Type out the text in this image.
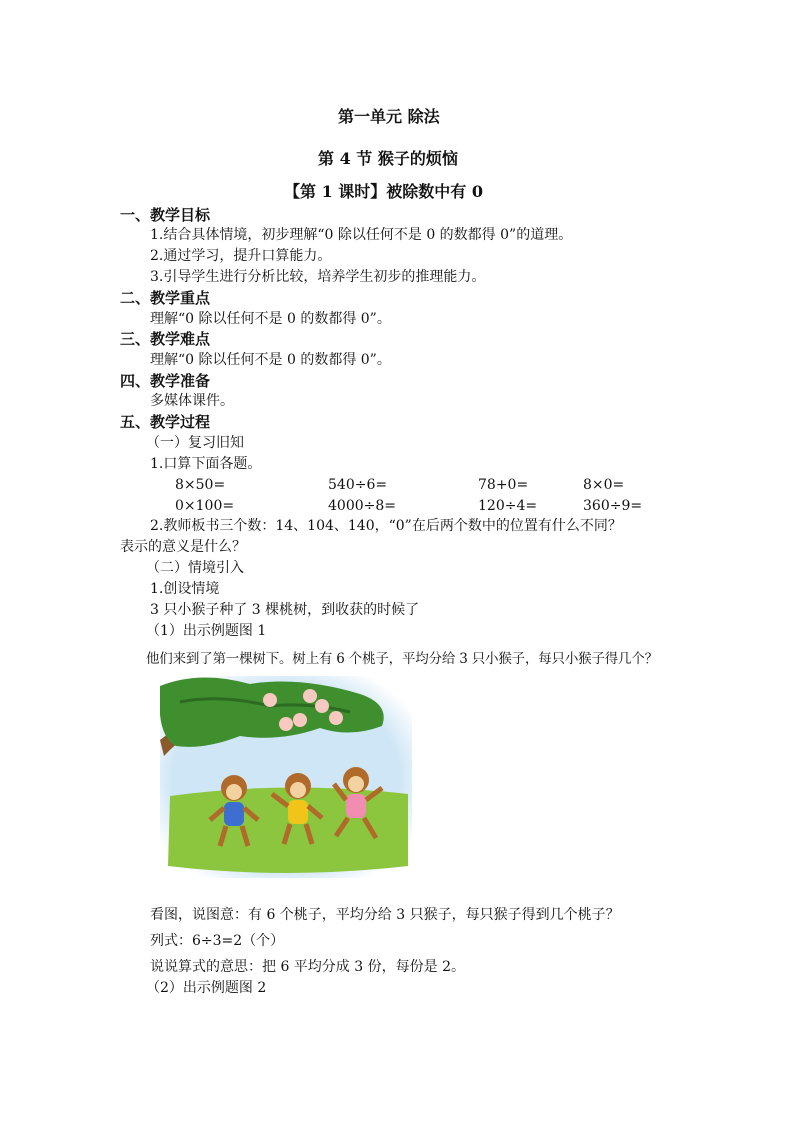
第一单元 除法
第 4 节 猴子的烦恼
【第 1 课时】被除数中有 0
一、教学目标
1.结合具体情境，初步理解“0 除以任何不是 0 的数都得 0”的道理。
2.通过学习，提升口算能力。
3.引导学生进行分析比较，培养学生初步的推理能力。
二、教学重点
理解“0 除以任何不是 0 的数都得 0”。
三、教学难点
理解“0 除以任何不是 0 的数都得 0”。
四、教学准备
多媒体课件。
五、教学过程
（一）复习旧知
1.口算下面各题。
8×50=	540÷6=	78+0=	8×0=
0×100=	4000÷8=	120÷4=	360÷9=
2.教师板书三个数：14、104、140，“0”在后两个数中的位置有什么不同？
表示的意义是什么？
（二）情境引入
1.创设情境
3 只小猴子种了 3 棵桃树，到收获的时候了
（1）出示例题图 1
他们来到了第一棵树下。树上有 6 个桃子，平均分给 3 只小猴子，每只小猴子得几个？
看图，说图意：有 6 个桃子，平均分给 3 只猴子，每只猴子得到几个桃子？
列式：6÷3=2（个）
说说算式的意思：把 6 平均分成 3 份，每份是 2。
（2）出示例题图 2
